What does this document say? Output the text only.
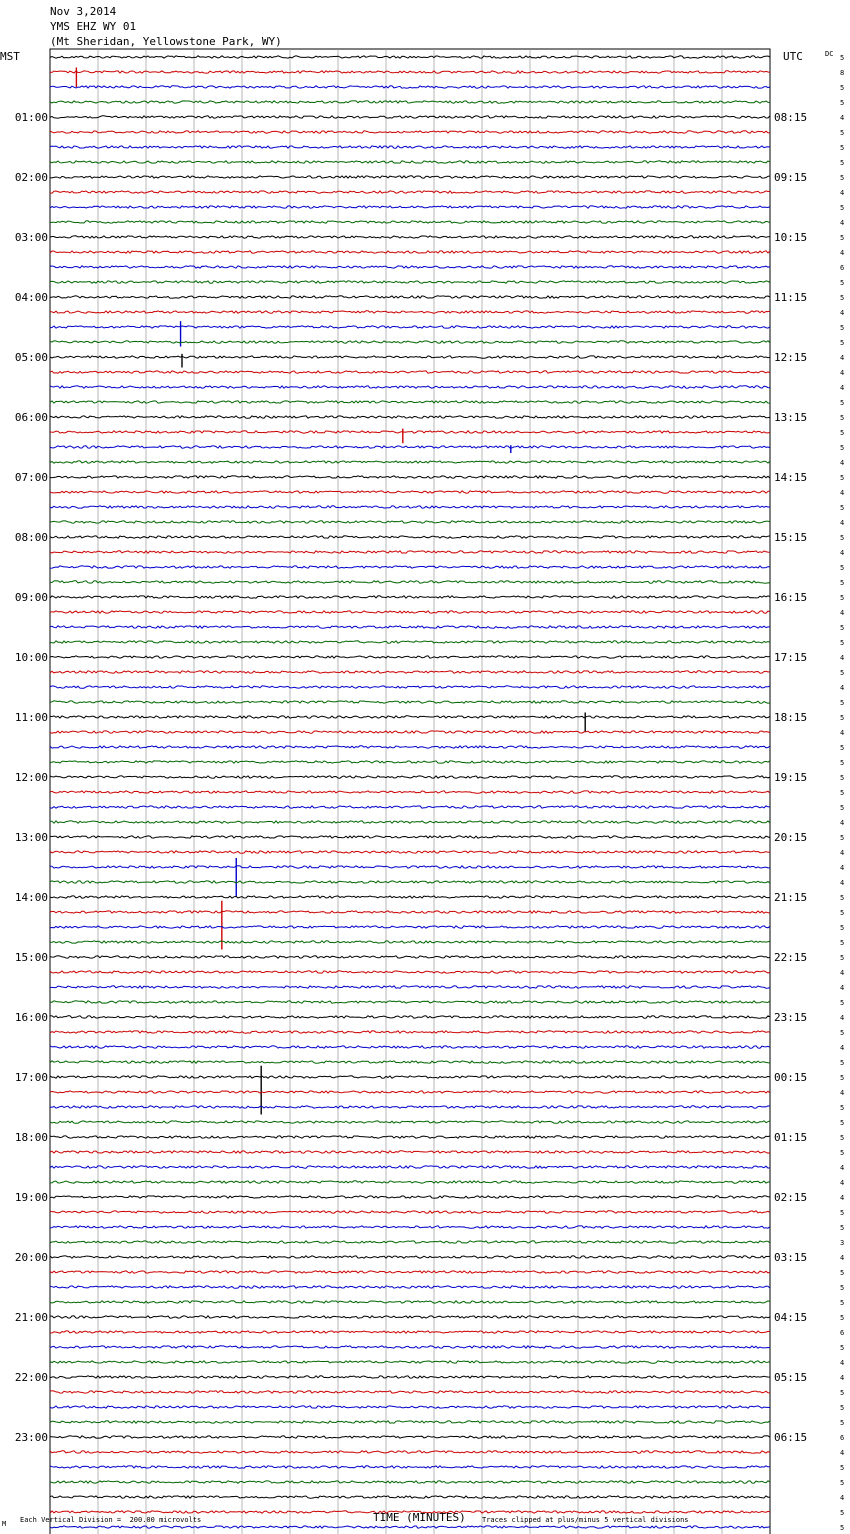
Nov 3,2014
YMS EHZ WY 01
(Mt Sheridan, Yellowstone Park, WY)
MST	UTC	DC
01:00
02:00
03:00
04:00
05:00
06:00
07:00
08:00
09:00
10:00
11:00
12:00
13:00
14:00
15:00
16:00
17:00
18:00
19:00
20:00
21:00
22:00
23:00
08:15
09:15
10:15
11:15
12:15
13:15
14:15
15:15
16:15
17:15
18:15
19:15
20:15
21:15
22:15
23:15
00:15
01:15
02:15
03:15
04:15
05:15
06:15
5
8
5
5
4
5
5
5
5
4
5
4
5
4
6
5
5
4
5
5
4
4
4
5
5
5
5
4
5
4
5
4
5
4
5
5
5
4
5
5
4
5
4
5
5
4
5
5
5
5
5
4
5
4
4
4
5
5
5
5
5
4
4
5
4
5
4
5
5
4
5
5
5
5
4
4
4
5
5
3
4
5
5
5
5
6
5
4
4
5
5
5
6
4
5
5
4
5
5
M Each Vertical Division =  200.00 microvolts	TIME (MINUTES) Traces clipped at plus/minus 5 vertical divisions
